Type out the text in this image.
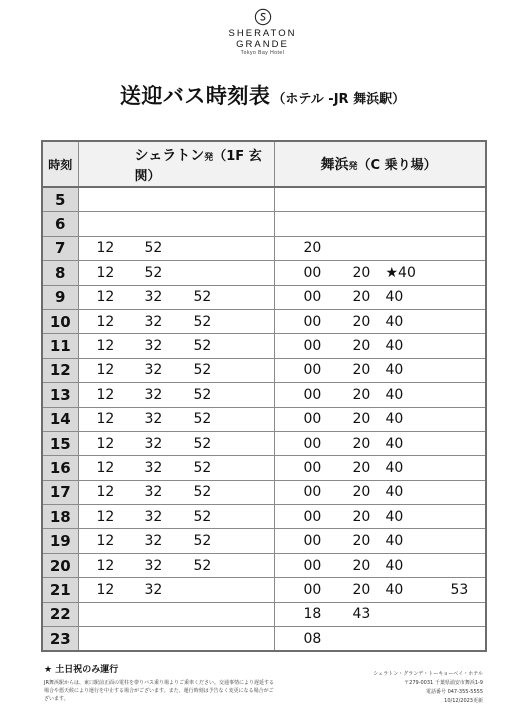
SHERATON
GRANDE
Tokyo Bay Hotel
送迎バス時刻表 （ホテル -JR 舞浜駅）
時刻	シェラトン発（1F 玄関）	舞浜発（C 乗り場）
5	

6	

7	12 52	20

8	12 52	00 20 ★40

9	12 32 52	00 20 40

10	12 32 52	00 20 40

11	12 32 52	00 20 40

12	12 32 52	00 20 40

13	12 32 52	00 20 40

14	12 32 52	00 20 40

15	12 32 52	00 20 40

16	12 32 52	00 20 40

17	12 32 52	00 20 40

18	12 32 52	00 20 40

19	12 32 52	00 20 40

20	12 32 52	00 20 40

21	12 32	00 20 40 53

22		18 43

23		08
★ 土日祝のみ運行
JR舞浜駅からは、東口駅前正面の電柱を帯りバス乗り場よりご乗車ください。交通事情により遅延する
場合や悪天候により運行を中止する場合がございます。また、運行時刻は予告なく変更になる場合がご
ざいます。
シェラトン・グランデ・トーキョーベイ・ホテル
〒279-0031 千葉県浦安市舞浜1-9
電話番号 047-355-5555
10/12/2023更新
